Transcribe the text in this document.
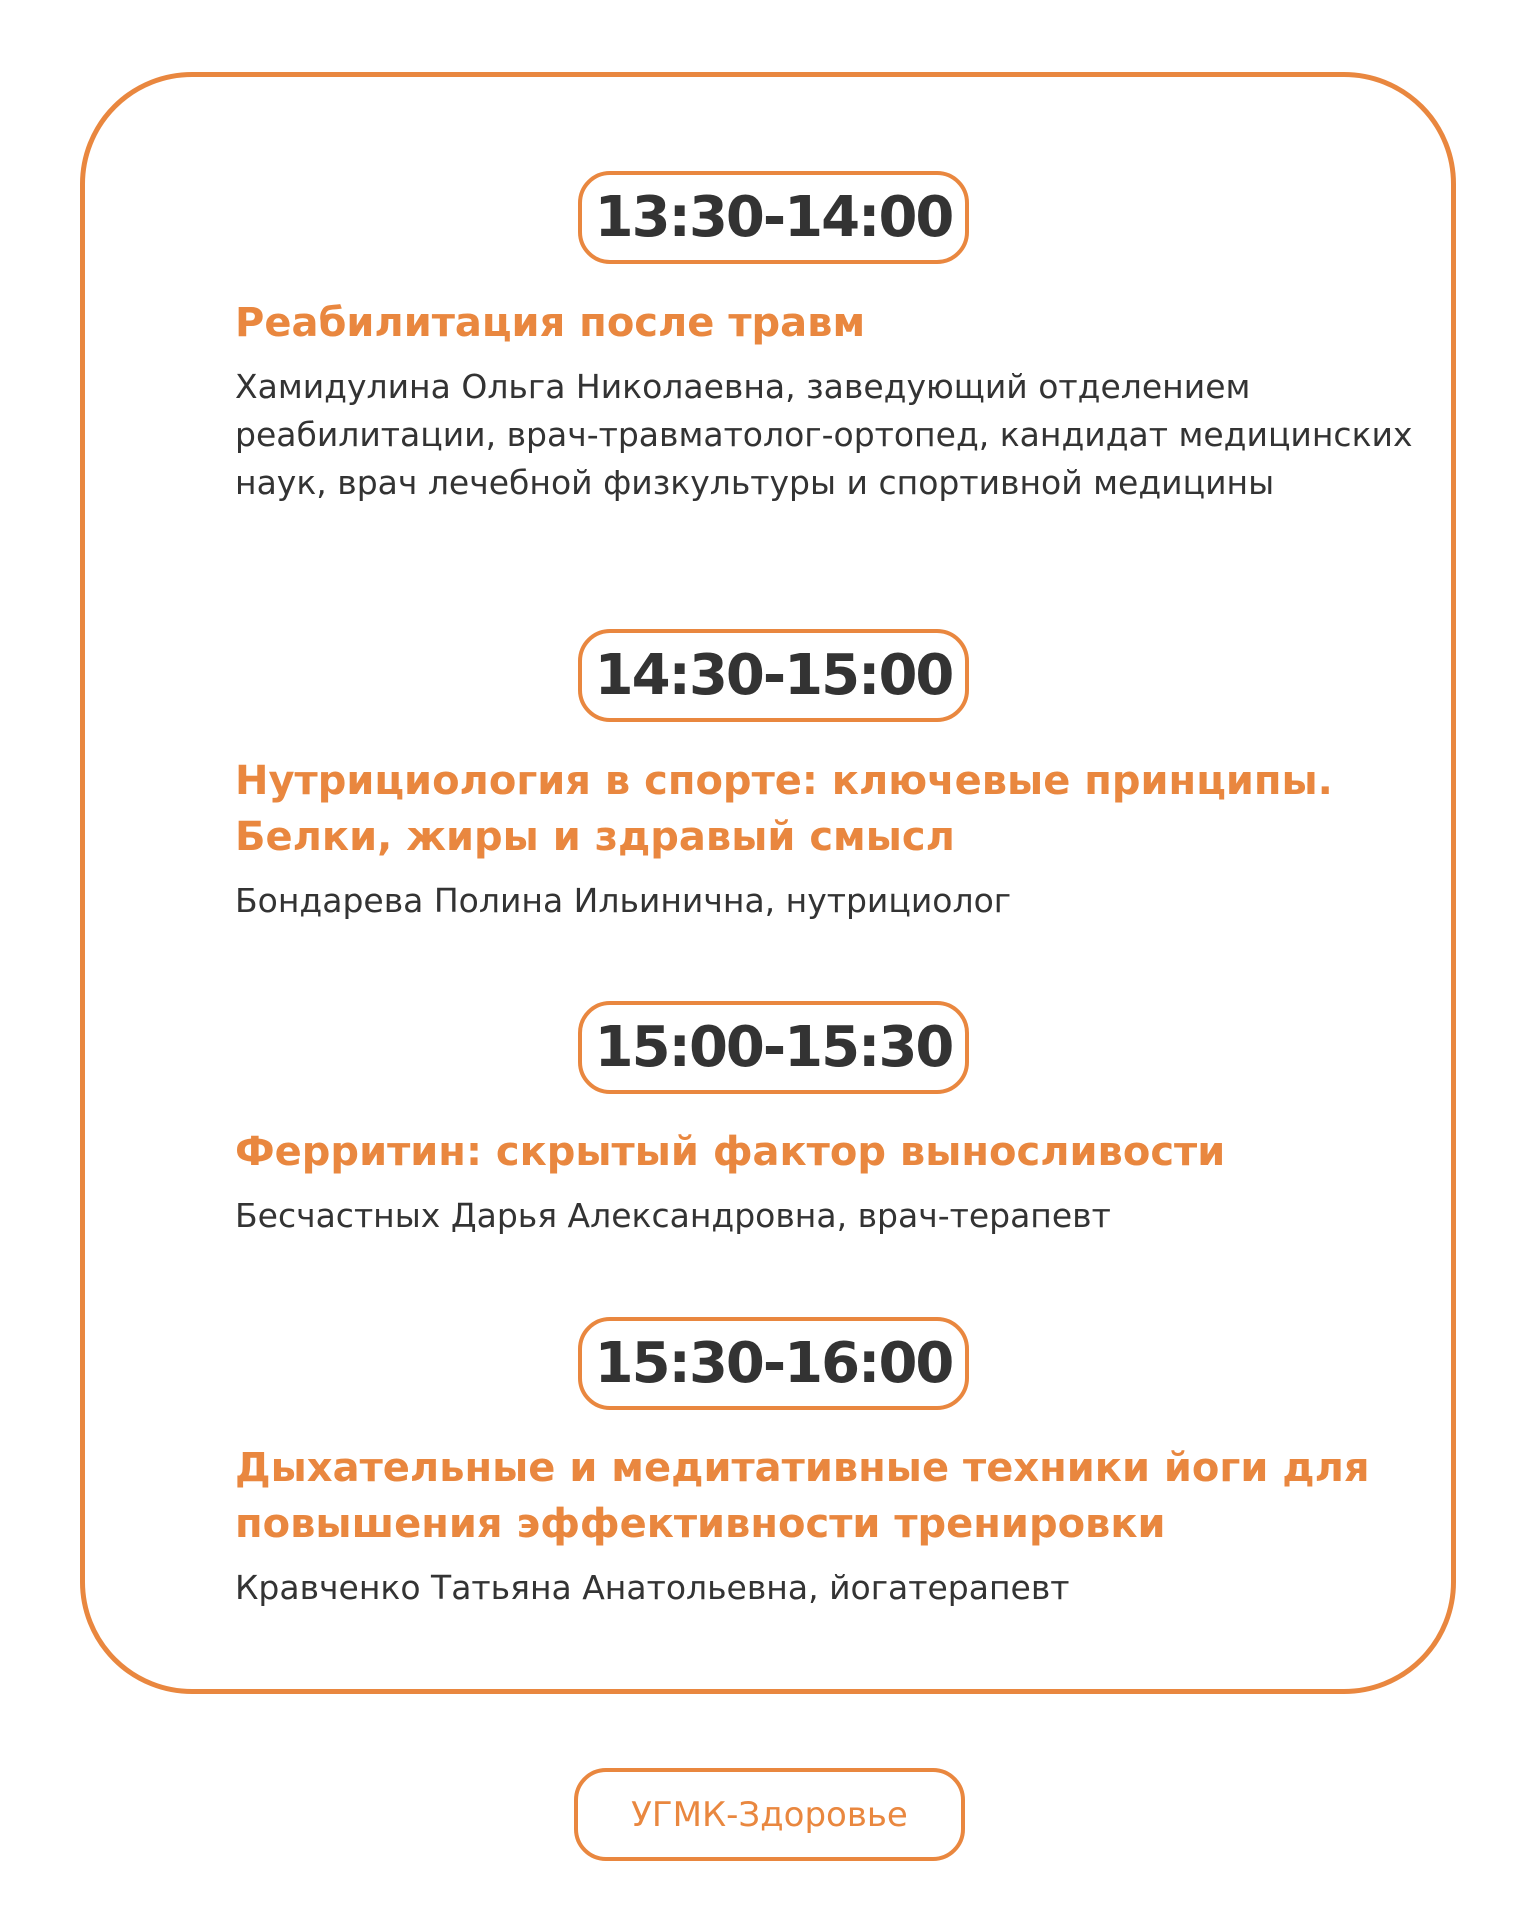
13:30-14:00
Реабилитация после травм

Хамидулина Ольга Николаевна, заведующий отделением реабилитации, врач-травматолог-ортопед, кандидат медицинских наук, врач лечебной физкультуры и спортивной медицины

14:30-15:00
Нутрициология в спорте: ключевые принципы. Белки, жиры и здравый смысл

Бондарева Полина Ильинична, нутрициолог

15:00-15:30
Ферритин: скрытый фактор выносливости

Бесчастных Дарья Александровна, врач-терапевт

15:30-16:00
Дыхательные и медитативные техники йоги для повышения эффективности тренировки

Кравченко Татьяна Анатольевна, йогатерапевт

УГМК-Здоровье
